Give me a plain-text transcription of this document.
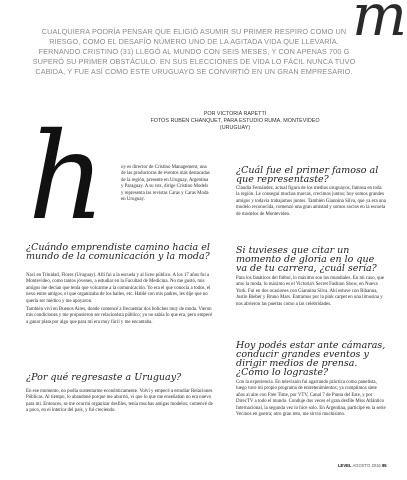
m
CUALQUIERA PODRÍA PENSAR QUE ELIGIÓ ASUMIR SU PRIMER RESPIRO COMO UN RIESGO, COMO EL DESAFÍO NÚMERO UNO DE LA AGITADA VIDA QUE LLEVARÍA. FERNANDO CRISTINO (31) LLEGÓ AL MUNDO CON SEIS MESES, Y CON APENAS 700 G SUPERÓ SU PRIMER OBSTÁCULO. EN SUS ELECCIONES DE VIDA LO FÁCIL NUNCA TUVO CABIDA, Y FUE ASÍ COMO ESTE URUGUAYO SE CONVIRTIÓ EN UN GRAN EMPRESARIO.
POR VICTORIA RAPETTI
FOTOS RUBÉN CHANQUET, PARA ESTUDIO RUMA, MONTEVIDEO (URUGUAY)
h	oy es director de Cristino Management, una de las productoras de eventos más destacadas de la región, presente en Uruguay, Argentina y Paraguay. A su vez, dirige Cristino Models y representa las revistas Caras y Caras Moda en Uruguay.
¿Cuándo emprendiste camino hacia el mundo de la comunicación y la moda?

Nací en Trinidad, Flores (Uruguay). Allí fui a la escuela y al liceo público. A los 17 años fui a Montevideo, como tantos jóvenes, a estudiar en la Facultad de Medicina. No me gustó, mis amigos me decían que tenía que volcarme a la comunicación. Yo era el que conocía a todos, el nexo entre amigos, el que organizaba de los bailes, etc. Hablé con mis padres, les dije que no quería ser médico y me apoyaron.

También viví en Buenos Aires, donde comencé a frecuentar dos boliches muy de moda. Vieron mis condiciones y me propusieron ser relacionista público; yo no sabía lo que era, pero empecé a ganar plata por algo que para mí era muy fácil y me encantaba.

¿Por qué regresaste a Uruguay?
En ese momento, no podía sustentarme económicamente. Volví y empecé a estudiar Relaciones Públicas. Al tiempo, lo abandoné porque me aburrió, vi que lo que me enseñaban no era nuevo para mí. Entonces, se me ocurrió organizar desfiles, tenía muchas amigas modelos; comencé de a poco, en el interior del país, y fui creciendo.
¿Cuál fue el primer famoso al que representaste?
Claudia Fernández, actual figura de los medios uruguayos, famosa en toda la región. Le conseguí muchas marcas, crecimos juntos; hoy somos grandes amigos y todavía trabajamos juntos. También Giannina Silva, que ya era una modelo reconocida, comenzó una gran amistad y somos socios en la escuela de modelos de Montevideo.
Si tuvieses que citar un momento de gloria en lo que va de tu carrera, ¿cuál sería?
Para los fanáticos del fútbol, lo máximo son los mundiales. En mi caso, que amo la moda, lo máximo es el Victoria's Secret Fashion Show, en Nueva York. Fui en dos ocasiones con Giannina Silva. Ahí estuve con Rihanna, Justin Bieber y Bruno Mars. Entramos por la pink carpet en una limusina y nos abrieron las puertas como a las celebridades.
Hoy podés estar ante cámaras, conducir grandes eventos y dirigir medios de prensa. ¿Cómo lo lograste?
Con la experiencia. En televisión fui agarrando práctica como panelista, luego tuve mi propio programa de entretenimientos; ya cumplimos siete años al aire con Free Time, por VTV, Canal 7 de Punta del Este, y por DirecTV a todo el mundo. Conduje dos veces el gran desfile Miss Atlántico Internacional, la segunda vez lo hice solo. En Argentina, participé en la serie Vecinos en guerra; otro gran reto, me sirvió muchísimo.
LEVEL AGOSTO 2016 95
